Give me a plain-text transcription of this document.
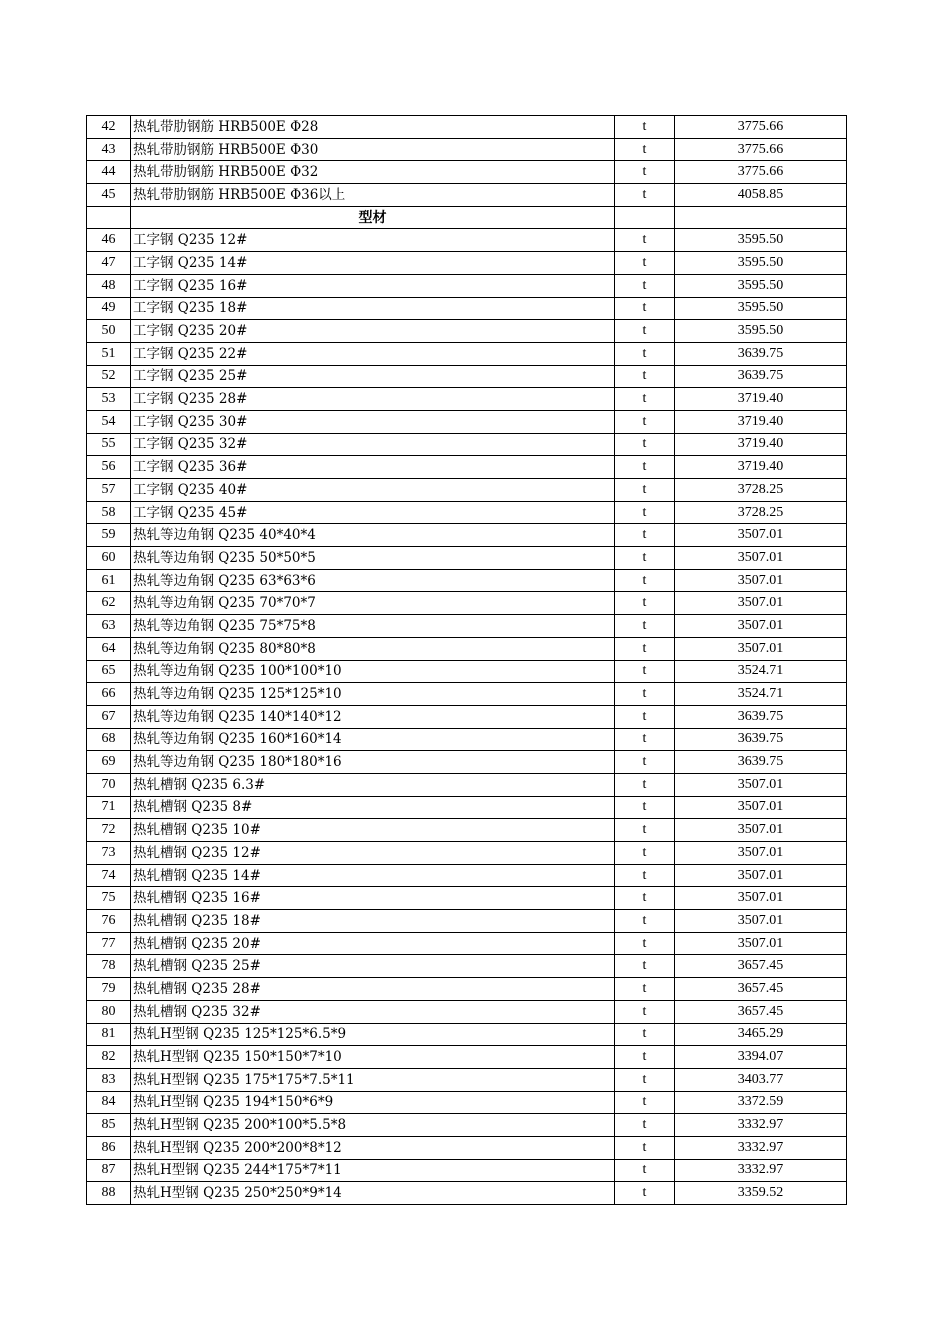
42	热轧带肋钢筋 HRB500E Φ28	t	3775.66
43	热轧带肋钢筋 HRB500E Φ30	t	3775.66
44	热轧带肋钢筋 HRB500E Φ32	t	3775.66
45	热轧带肋钢筋 HRB500E Φ36以上	t	4058.85
	型材		
46	工字钢 Q235 12#	t	3595.50
47	工字钢 Q235 14#	t	3595.50
48	工字钢 Q235 16#	t	3595.50
49	工字钢 Q235 18#	t	3595.50
50	工字钢 Q235 20#	t	3595.50
51	工字钢 Q235 22#	t	3639.75
52	工字钢 Q235 25#	t	3639.75
53	工字钢 Q235 28#	t	3719.40
54	工字钢 Q235 30#	t	3719.40
55	工字钢 Q235 32#	t	3719.40
56	工字钢 Q235 36#	t	3719.40
57	工字钢 Q235 40#	t	3728.25
58	工字钢 Q235 45#	t	3728.25
59	热轧等边角钢 Q235 40*40*4	t	3507.01
60	热轧等边角钢 Q235 50*50*5	t	3507.01
61	热轧等边角钢 Q235 63*63*6	t	3507.01
62	热轧等边角钢 Q235 70*70*7	t	3507.01
63	热轧等边角钢 Q235 75*75*8	t	3507.01
64	热轧等边角钢 Q235 80*80*8	t	3507.01
65	热轧等边角钢 Q235 100*100*10	t	3524.71
66	热轧等边角钢 Q235 125*125*10	t	3524.71
67	热轧等边角钢 Q235 140*140*12	t	3639.75
68	热轧等边角钢 Q235 160*160*14	t	3639.75
69	热轧等边角钢 Q235 180*180*16	t	3639.75
70	热轧槽钢 Q235 6.3#	t	3507.01
71	热轧槽钢 Q235 8#	t	3507.01
72	热轧槽钢 Q235 10#	t	3507.01
73	热轧槽钢 Q235 12#	t	3507.01
74	热轧槽钢 Q235 14#	t	3507.01
75	热轧槽钢 Q235 16#	t	3507.01
76	热轧槽钢 Q235 18#	t	3507.01
77	热轧槽钢 Q235 20#	t	3507.01
78	热轧槽钢 Q235 25#	t	3657.45
79	热轧槽钢 Q235 28#	t	3657.45
80	热轧槽钢 Q235 32#	t	3657.45
81	热轧H型钢 Q235 125*125*6.5*9	t	3465.29
82	热轧H型钢 Q235 150*150*7*10	t	3394.07
83	热轧H型钢 Q235 175*175*7.5*11	t	3403.77
84	热轧H型钢 Q235 194*150*6*9	t	3372.59
85	热轧H型钢 Q235 200*100*5.5*8	t	3332.97
86	热轧H型钢 Q235 200*200*8*12	t	3332.97
87	热轧H型钢 Q235 244*175*7*11	t	3332.97
88	热轧H型钢 Q235 250*250*9*14	t	3359.52
